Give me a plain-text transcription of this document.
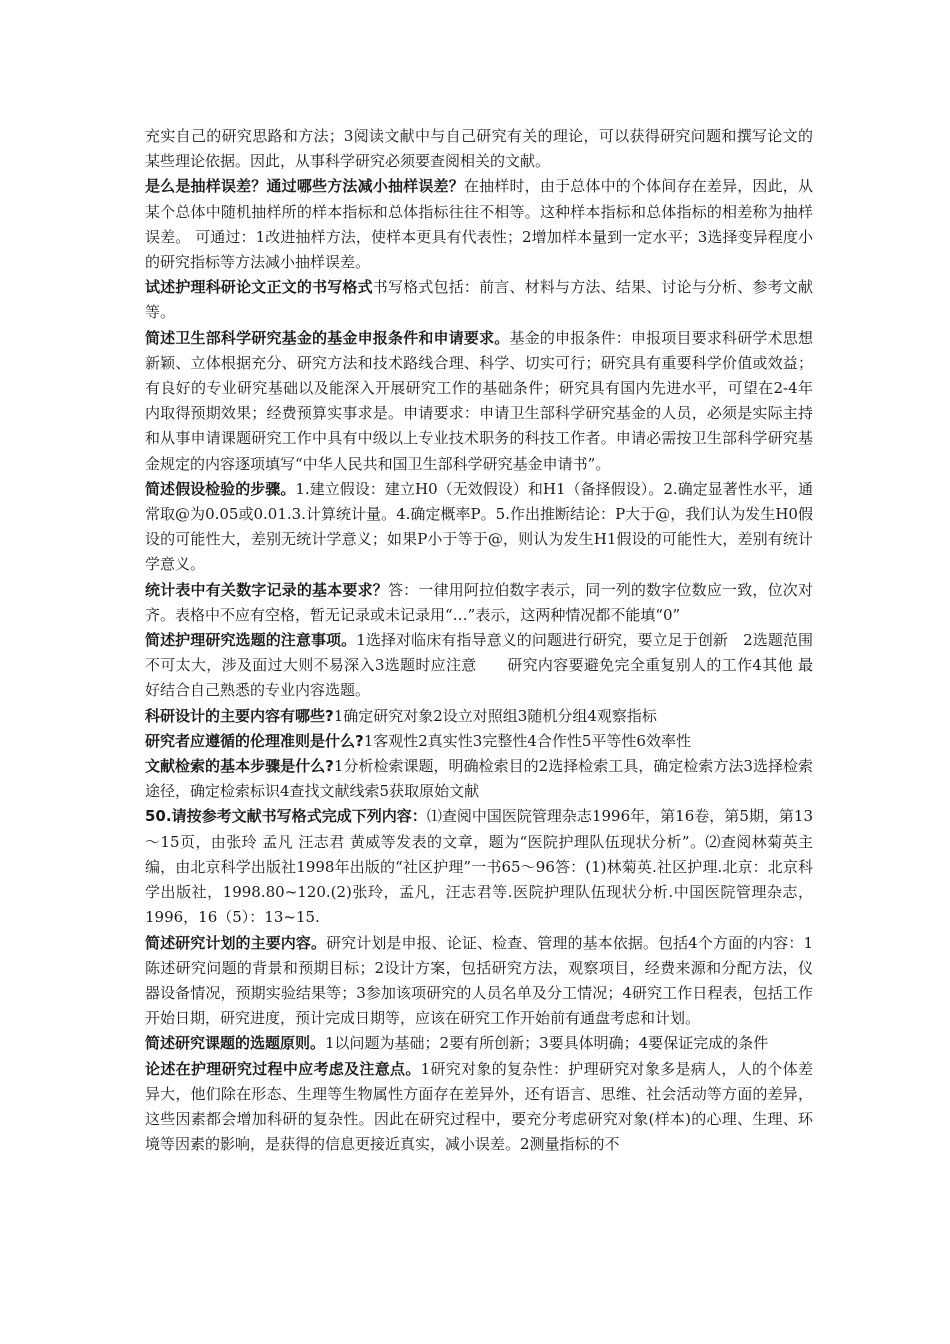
充实自己的研究思路和方法；3阅读文献中与自己研究有关的理论，可以获得研究问题和撰写论文的某些理论依据。因此，从事科学研究必须要查阅相关的文献。

是么是抽样误差？通过哪些方法减小抽样误差？在抽样时，由于总体中的个体间存在差异，因此，从某个总体中随机抽样所的样本指标和总体指标往往不相等。这种样本指标和总体指标的相差称为抽样误差。 可通过：1改进抽样方法，使样本更具有代表性；2增加样本量到一定水平；3选择变异程度小的研究指标等方法减小抽样误差。

试述护理科研论文正文的书写格式书写格式包括：前言、材料与方法、结果、讨论与分析、参考文献等。

简述卫生部科学研究基金的基金申报条件和申请要求。基金的申报条件：申报项目要求科研学术思想新颖、立体根据充分、研究方法和技术路线合理、科学、切实可行；研究具有重要科学价值或效益；有良好的专业研究基础以及能深入开展研究工作的基础条件；研究具有国内先进水平，可望在2-4年内取得预期效果；经费预算实事求是。申请要求：申请卫生部科学研究基金的人员，必须是实际主持和从事申请课题研究工作中具有中级以上专业技术职务的科技工作者。申请必需按卫生部科学研究基金规定的内容逐项填写“中华人民共和国卫生部科学研究基金申请书”。

简述假设检验的步骤。1.建立假设：建立H0（无效假设）和H1（备择假设）。2.确定显著性水平，通常取@为0.05或0.01.3.计算统计量。4.确定概率P。5.作出推断结论：P大于@，我们认为发生H0假设的可能性大，差别无统计学意义；如果P小于等于@，则认为发生H1假设的可能性大，差别有统计学意义。

统计表中有关数字记录的基本要求？答：一律用阿拉伯数字表示，同一列的数字位数应一致，位次对齐。表格中不应有空格，暂无记录或未记录用“…”表示，这两种情况都不能填“0”

简述护理研究选题的注意事项。1选择对临床有指导意义的问题进行研究，要立足于创新　2选题范围不可太大，涉及面过大则不易深入3选题时应注意　　研究内容要避免完全重复别人的工作4其他 最好结合自己熟悉的专业内容选题。

科研设计的主要内容有哪些?1确定研究对象2设立对照组3随机分组4观察指标

研究者应遵循的伦理准则是什么?1客观性2真实性3完整性4合作性5平等性6效率性

文献检索的基本步骤是什么?1分析检索课题，明确检索目的2选择检索工具，确定检索方法3选择检索途径，确定检索标识4查找文献线索5获取原始文献

50.请按参考文献书写格式完成下列内容：⑴查阅中国医院管理杂志1996年，第16卷，第5期，第13～15页，由张玲 孟凡 汪志君 黄威等发表的文章，题为“医院护理队伍现状分析”。⑵查阅林菊英主编，由北京科学出版社1998年出版的“社区护理”一书65～96答：(1)林菊英.社区护理.北京：北京科学出版社，1998.80~120.(2)张玲，孟凡，汪志君等.医院护理队伍现状分析.中国医院管理杂志，1996，16（5）：13~15.

简述研究计划的主要内容。研究计划是申报、论证、检查、管理的基本依据。包括4个方面的内容：1陈述研究问题的背景和预期目标；2设计方案，包括研究方法，观察项目，经费来源和分配方法，仪器设备情况，预期实验结果等；3参加该项研究的人员名单及分工情况；4研究工作日程表，包括工作开始日期，研究进度，预计完成日期等，应该在研究工作开始前有通盘考虑和计划。

简述研究课题的选题原则。1以问题为基础；2要有所创新；3要具体明确；4要保证完成的条件

论述在护理研究过程中应考虑及注意点。1研究对象的复杂性：护理研究对象多是病人，人的个体差异大，他们除在形态、生理等生物属性方面存在差异外，还有语言、思维、社会活动等方面的差异，这些因素都会增加科研的复杂性。因此在研究过程中，要充分考虑研究对象(样本)的心理、生理、环境等因素的影响，是获得的信息更接近真实，减小误差。2测量指标的不
